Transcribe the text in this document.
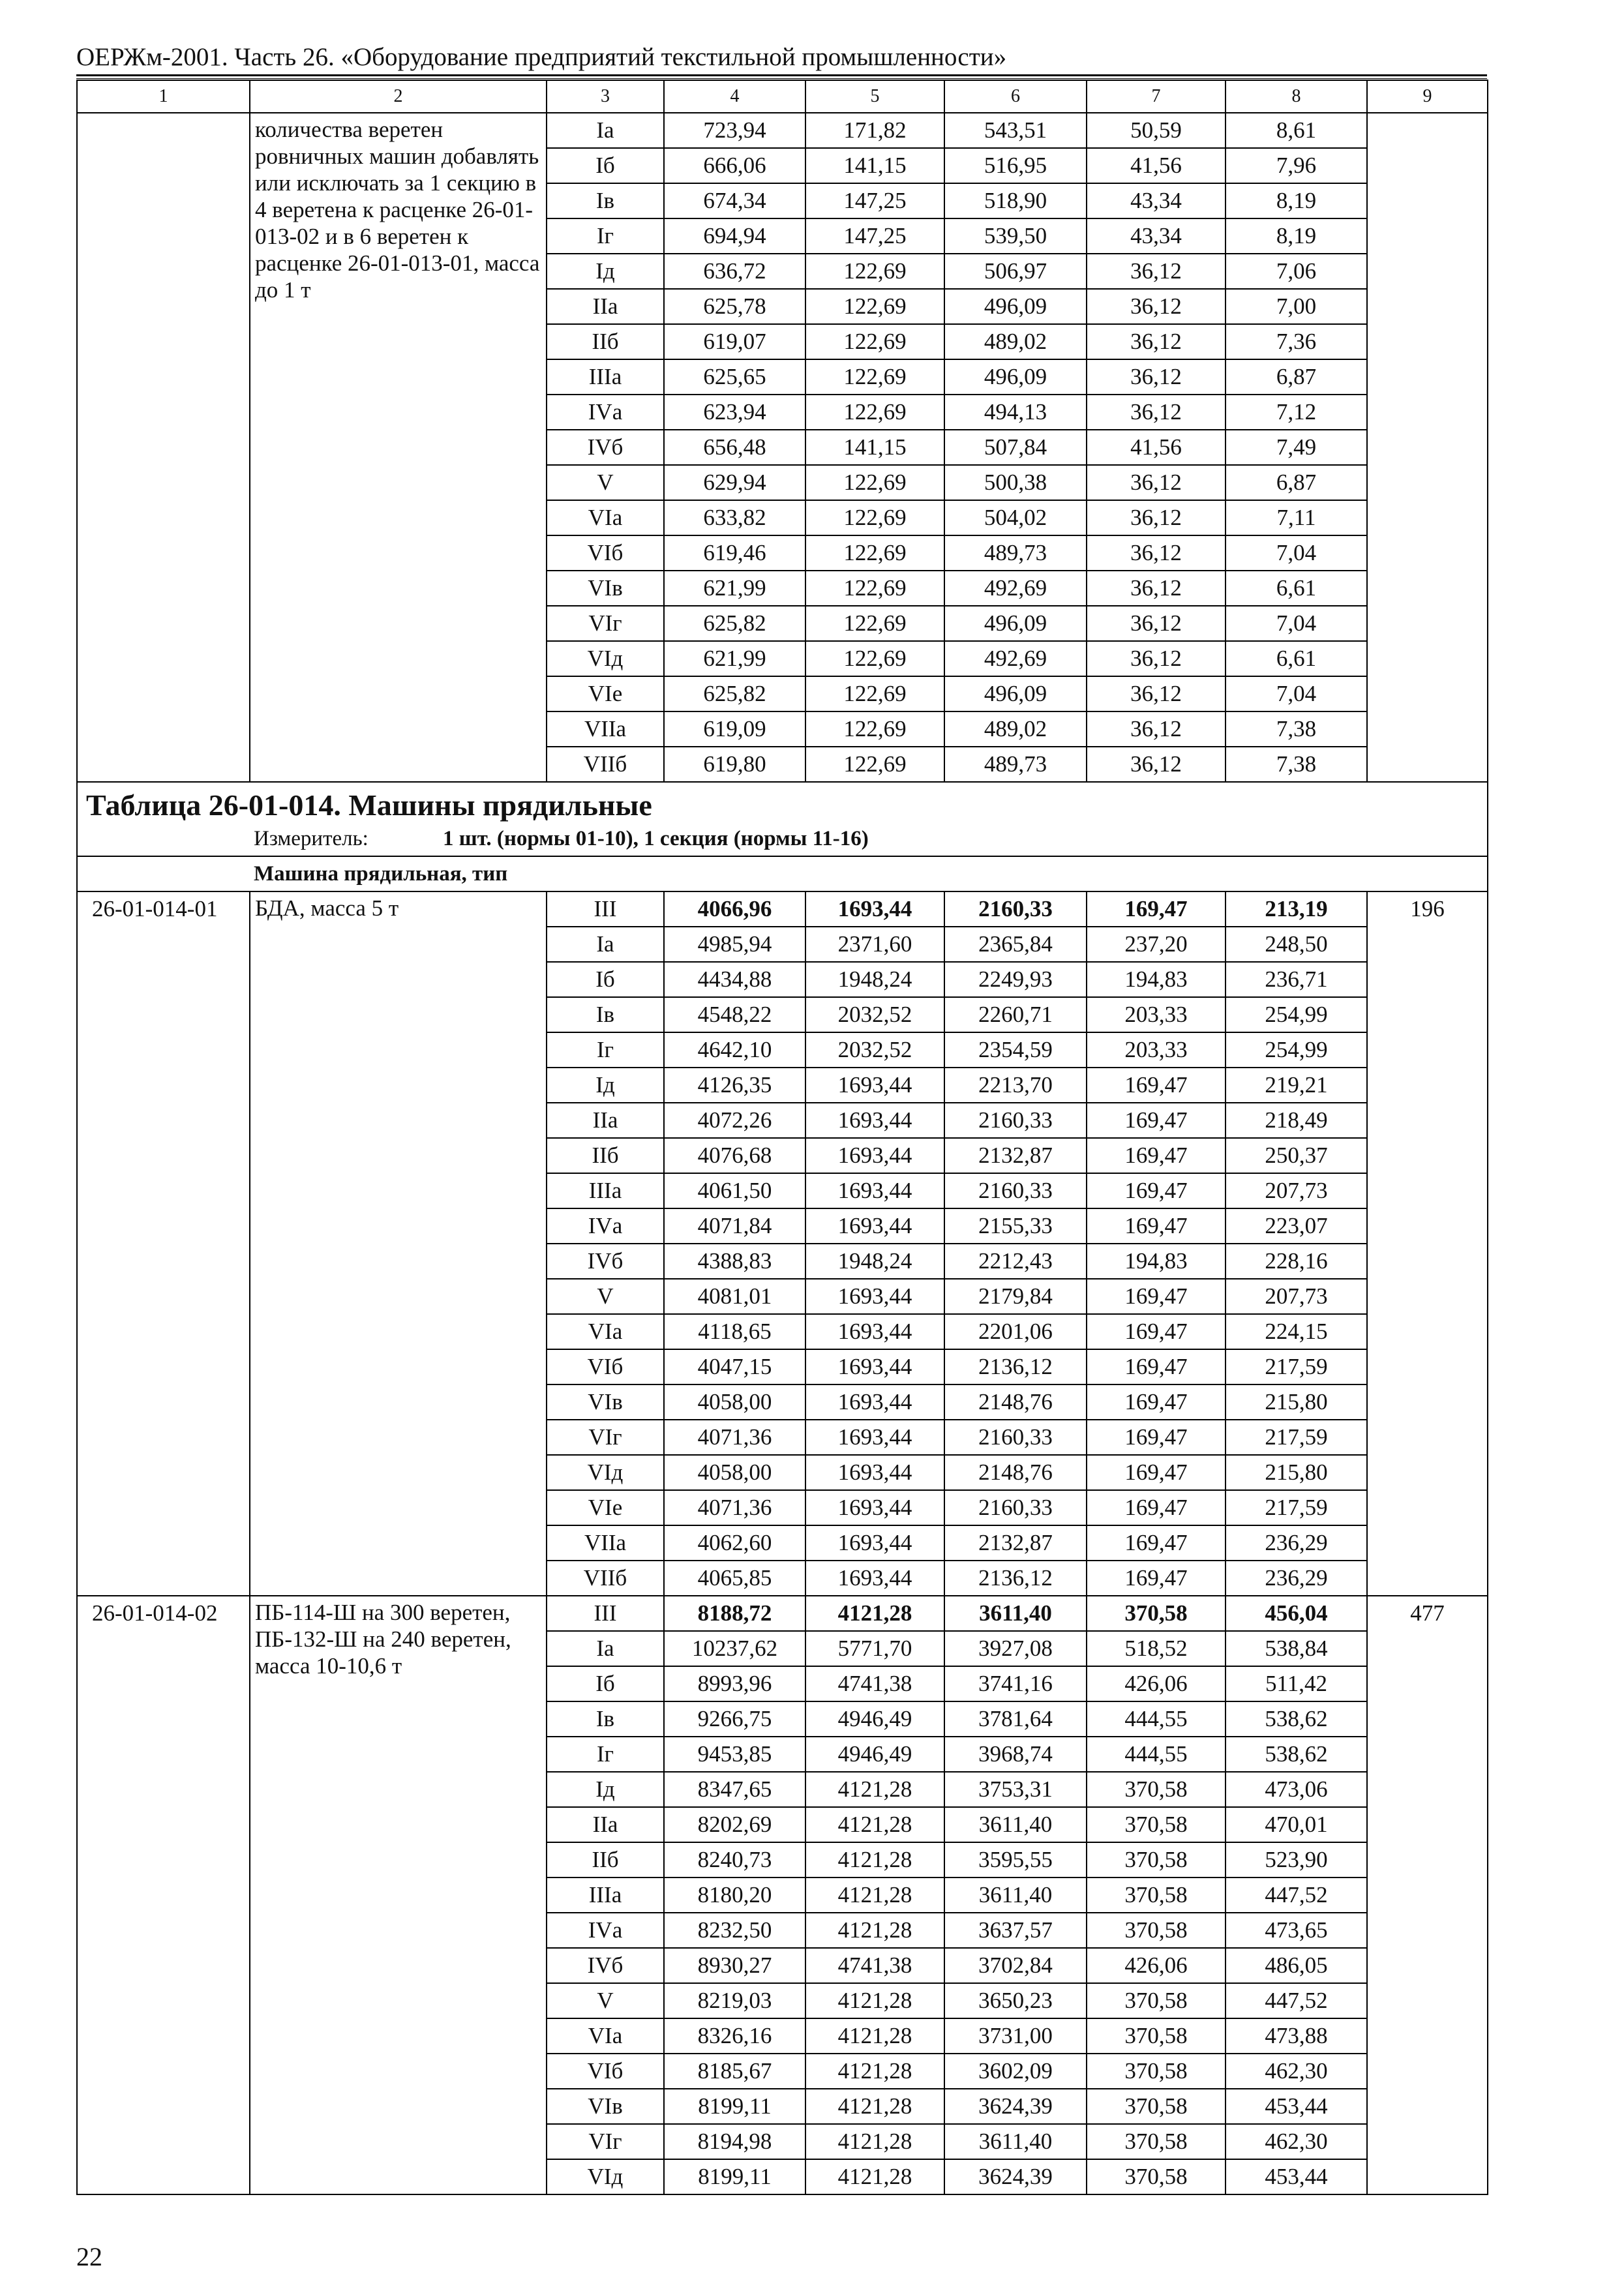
ОЕРЖм-2001. Часть 26. «Оборудование предприятий текстильной промышленности»
1	2	3	4	5	6	7	8	9
	количества веретен ровничных машин добавлять или исключать за 1 секцию в 4 веретена к расценке 26-01-013-02 и в 6 веретен к расценке 26-01-013-01, масса до 1 т	Iа	723,94	171,82	543,51	50,59	8,61	
		Iб	666,06	141,15	516,95	41,56	7,96	
		Iв	674,34	147,25	518,90	43,34	8,19	
		Iг	694,94	147,25	539,50	43,34	8,19	
		Iд	636,72	122,69	506,97	36,12	7,06	
		IIа	625,78	122,69	496,09	36,12	7,00	
		IIб	619,07	122,69	489,02	36,12	7,36	
		IIIа	625,65	122,69	496,09	36,12	6,87	
		IVа	623,94	122,69	494,13	36,12	7,12	
		IVб	656,48	141,15	507,84	41,56	7,49	
		V	629,94	122,69	500,38	36,12	6,87	
		VIа	633,82	122,69	504,02	36,12	7,11	
		VIб	619,46	122,69	489,73	36,12	7,04	
		VIв	621,99	122,69	492,69	36,12	6,61	
		VIг	625,82	122,69	496,09	36,12	7,04	
		VIд	621,99	122,69	492,69	36,12	6,61	
		VIе	625,82	122,69	496,09	36,12	7,04	
		VIIа	619,09	122,69	489,02	36,12	7,38	
		VIIб	619,80	122,69	489,73	36,12	7,38	

Таблица 26-01-014. Машины прядильные
Измеритель: 1 шт. (нормы 01-10), 1 секция (нормы 11-16)								

Машина прядильная, тип								
26-01-014-01	БДА, масса 5 т	III	4066,96	1693,44	2160,33	169,47	213,19	196
		Iа	4985,94	2371,60	2365,84	237,20	248,50	
		Iб	4434,88	1948,24	2249,93	194,83	236,71	
		Iв	4548,22	2032,52	2260,71	203,33	254,99	
		Iг	4642,10	2032,52	2354,59	203,33	254,99	
		Iд	4126,35	1693,44	2213,70	169,47	219,21	
		IIа	4072,26	1693,44	2160,33	169,47	218,49	
		IIб	4076,68	1693,44	2132,87	169,47	250,37	
		IIIа	4061,50	1693,44	2160,33	169,47	207,73	
		IVа	4071,84	1693,44	2155,33	169,47	223,07	
		IVб	4388,83	1948,24	2212,43	194,83	228,16	
		V	4081,01	1693,44	2179,84	169,47	207,73	
		VIа	4118,65	1693,44	2201,06	169,47	224,15	
		VIб	4047,15	1693,44	2136,12	169,47	217,59	
		VIв	4058,00	1693,44	2148,76	169,47	215,80	
		VIг	4071,36	1693,44	2160,33	169,47	217,59	
		VIд	4058,00	1693,44	2148,76	169,47	215,80	
		VIе	4071,36	1693,44	2160,33	169,47	217,59	
		VIIа	4062,60	1693,44	2132,87	169,47	236,29	
		VIIб	4065,85	1693,44	2136,12	169,47	236,29	
26-01-014-02	ПБ-114-Ш на 300 веретен, ПБ-132-Ш на 240 веретен, масса 10-10,6 т	III	8188,72	4121,28	3611,40	370,58	456,04	477
		Iа	10237,62	5771,70	3927,08	518,52	538,84	
		Iб	8993,96	4741,38	3741,16	426,06	511,42	
		Iв	9266,75	4946,49	3781,64	444,55	538,62	
		Iг	9453,85	4946,49	3968,74	444,55	538,62	
		Iд	8347,65	4121,28	3753,31	370,58	473,06	
		IIа	8202,69	4121,28	3611,40	370,58	470,01	
		IIб	8240,73	4121,28	3595,55	370,58	523,90	
		IIIа	8180,20	4121,28	3611,40	370,58	447,52	
		IVа	8232,50	4121,28	3637,57	370,58	473,65	
		IVб	8930,27	4741,38	3702,84	426,06	486,05	
		V	8219,03	4121,28	3650,23	370,58	447,52	
		VIа	8326,16	4121,28	3731,00	370,58	473,88	
		VIб	8185,67	4121,28	3602,09	370,58	462,30	
		VIв	8199,11	4121,28	3624,39	370,58	453,44	
		VIг	8194,98	4121,28	3611,40	370,58	462,30	
		VIд	8199,11	4121,28	3624,39	370,58	453,44	
22
